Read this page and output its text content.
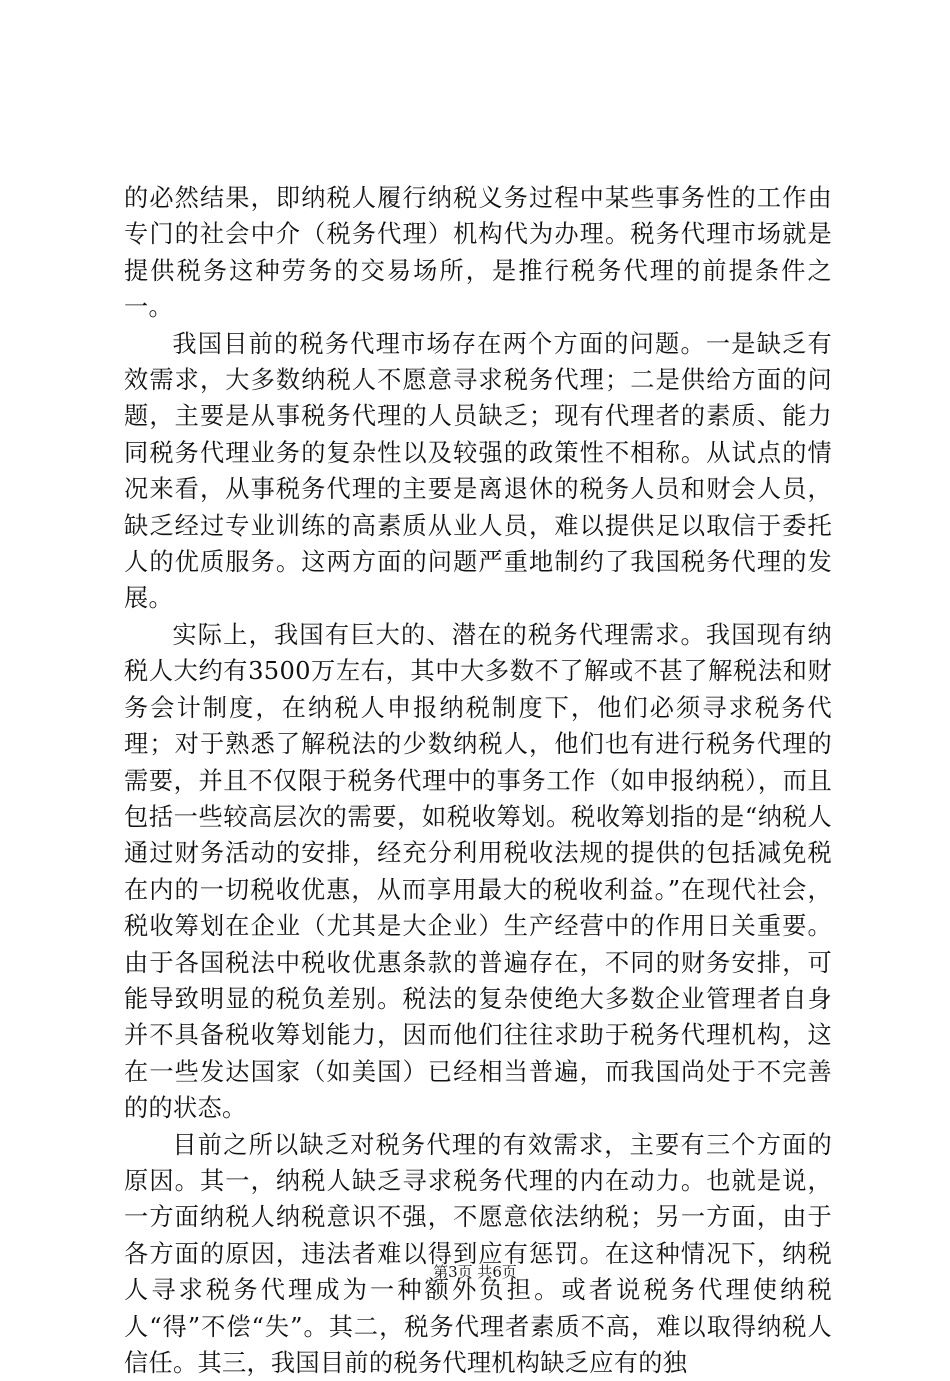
的必然结果，即纳税人履行纳税义务过程中某些事务性的工作由专门的社会中介（税务代理）机构代为办理。税务代理市场就是提供税务这种劳务的交易场所，是推行税务代理的前提条件之一。

我国目前的税务代理市场存在两个方面的问题。一是缺乏有效需求，大多数纳税人不愿意寻求税务代理；二是供给方面的问题，主要是从事税务代理的人员缺乏；现有代理者的素质、能力同税务代理业务的复杂性以及较强的政策性不相称。从试点的情况来看，从事税务代理的主要是离退休的税务人员和财会人员，缺乏经过专业训练的高素质从业人员，难以提供足以取信于委托人的优质服务。这两方面的问题严重地制约了我国税务代理的发展。

实际上，我国有巨大的、潜在的税务代理需求。我国现有纳税人大约有3500万左右，其中大多数不了解或不甚了解税法和财务会计制度，在纳税人申报纳税制度下，他们必须寻求税务代理；对于熟悉了解税法的少数纳税人，他们也有进行税务代理的需要，并且不仅限于税务代理中的事务工作（如申报纳税），而且包括一些较高层次的需要，如税收筹划。税收筹划指的是“纳税人通过财务活动的安排，经充分利用税收法规的提供的包括减免税在内的一切税收优惠，从而享用最大的税收利益。”在现代社会，税收筹划在企业（尤其是大企业）生产经营中的作用日关重要。由于各国税法中税收优惠条款的普遍存在，不同的财务安排，可能导致明显的税负差别。税法的复杂使绝大多数企业管理者自身并不具备税收筹划能力，因而他们往往求助于税务代理机构，这在一些发达国家（如美国）已经相当普遍，而我国尚处于不完善的的状态。

目前之所以缺乏对税务代理的有效需求，主要有三个方面的原因。其一，纳税人缺乏寻求税务代理的内在动力。也就是说，一方面纳税人纳税意识不强，不愿意依法纳税；另一方面，由于各方面的原因，违法者难以得到应有惩罚。在这种情况下，纳税人寻求税务代理成为一种额外负担。或者说税务代理使纳税人“得”不偿“失”。其二，税务代理者素质不高，难以取得纳税人信任。其三，我国目前的税务代理机构缺乏应有的独

第3页 共6页
